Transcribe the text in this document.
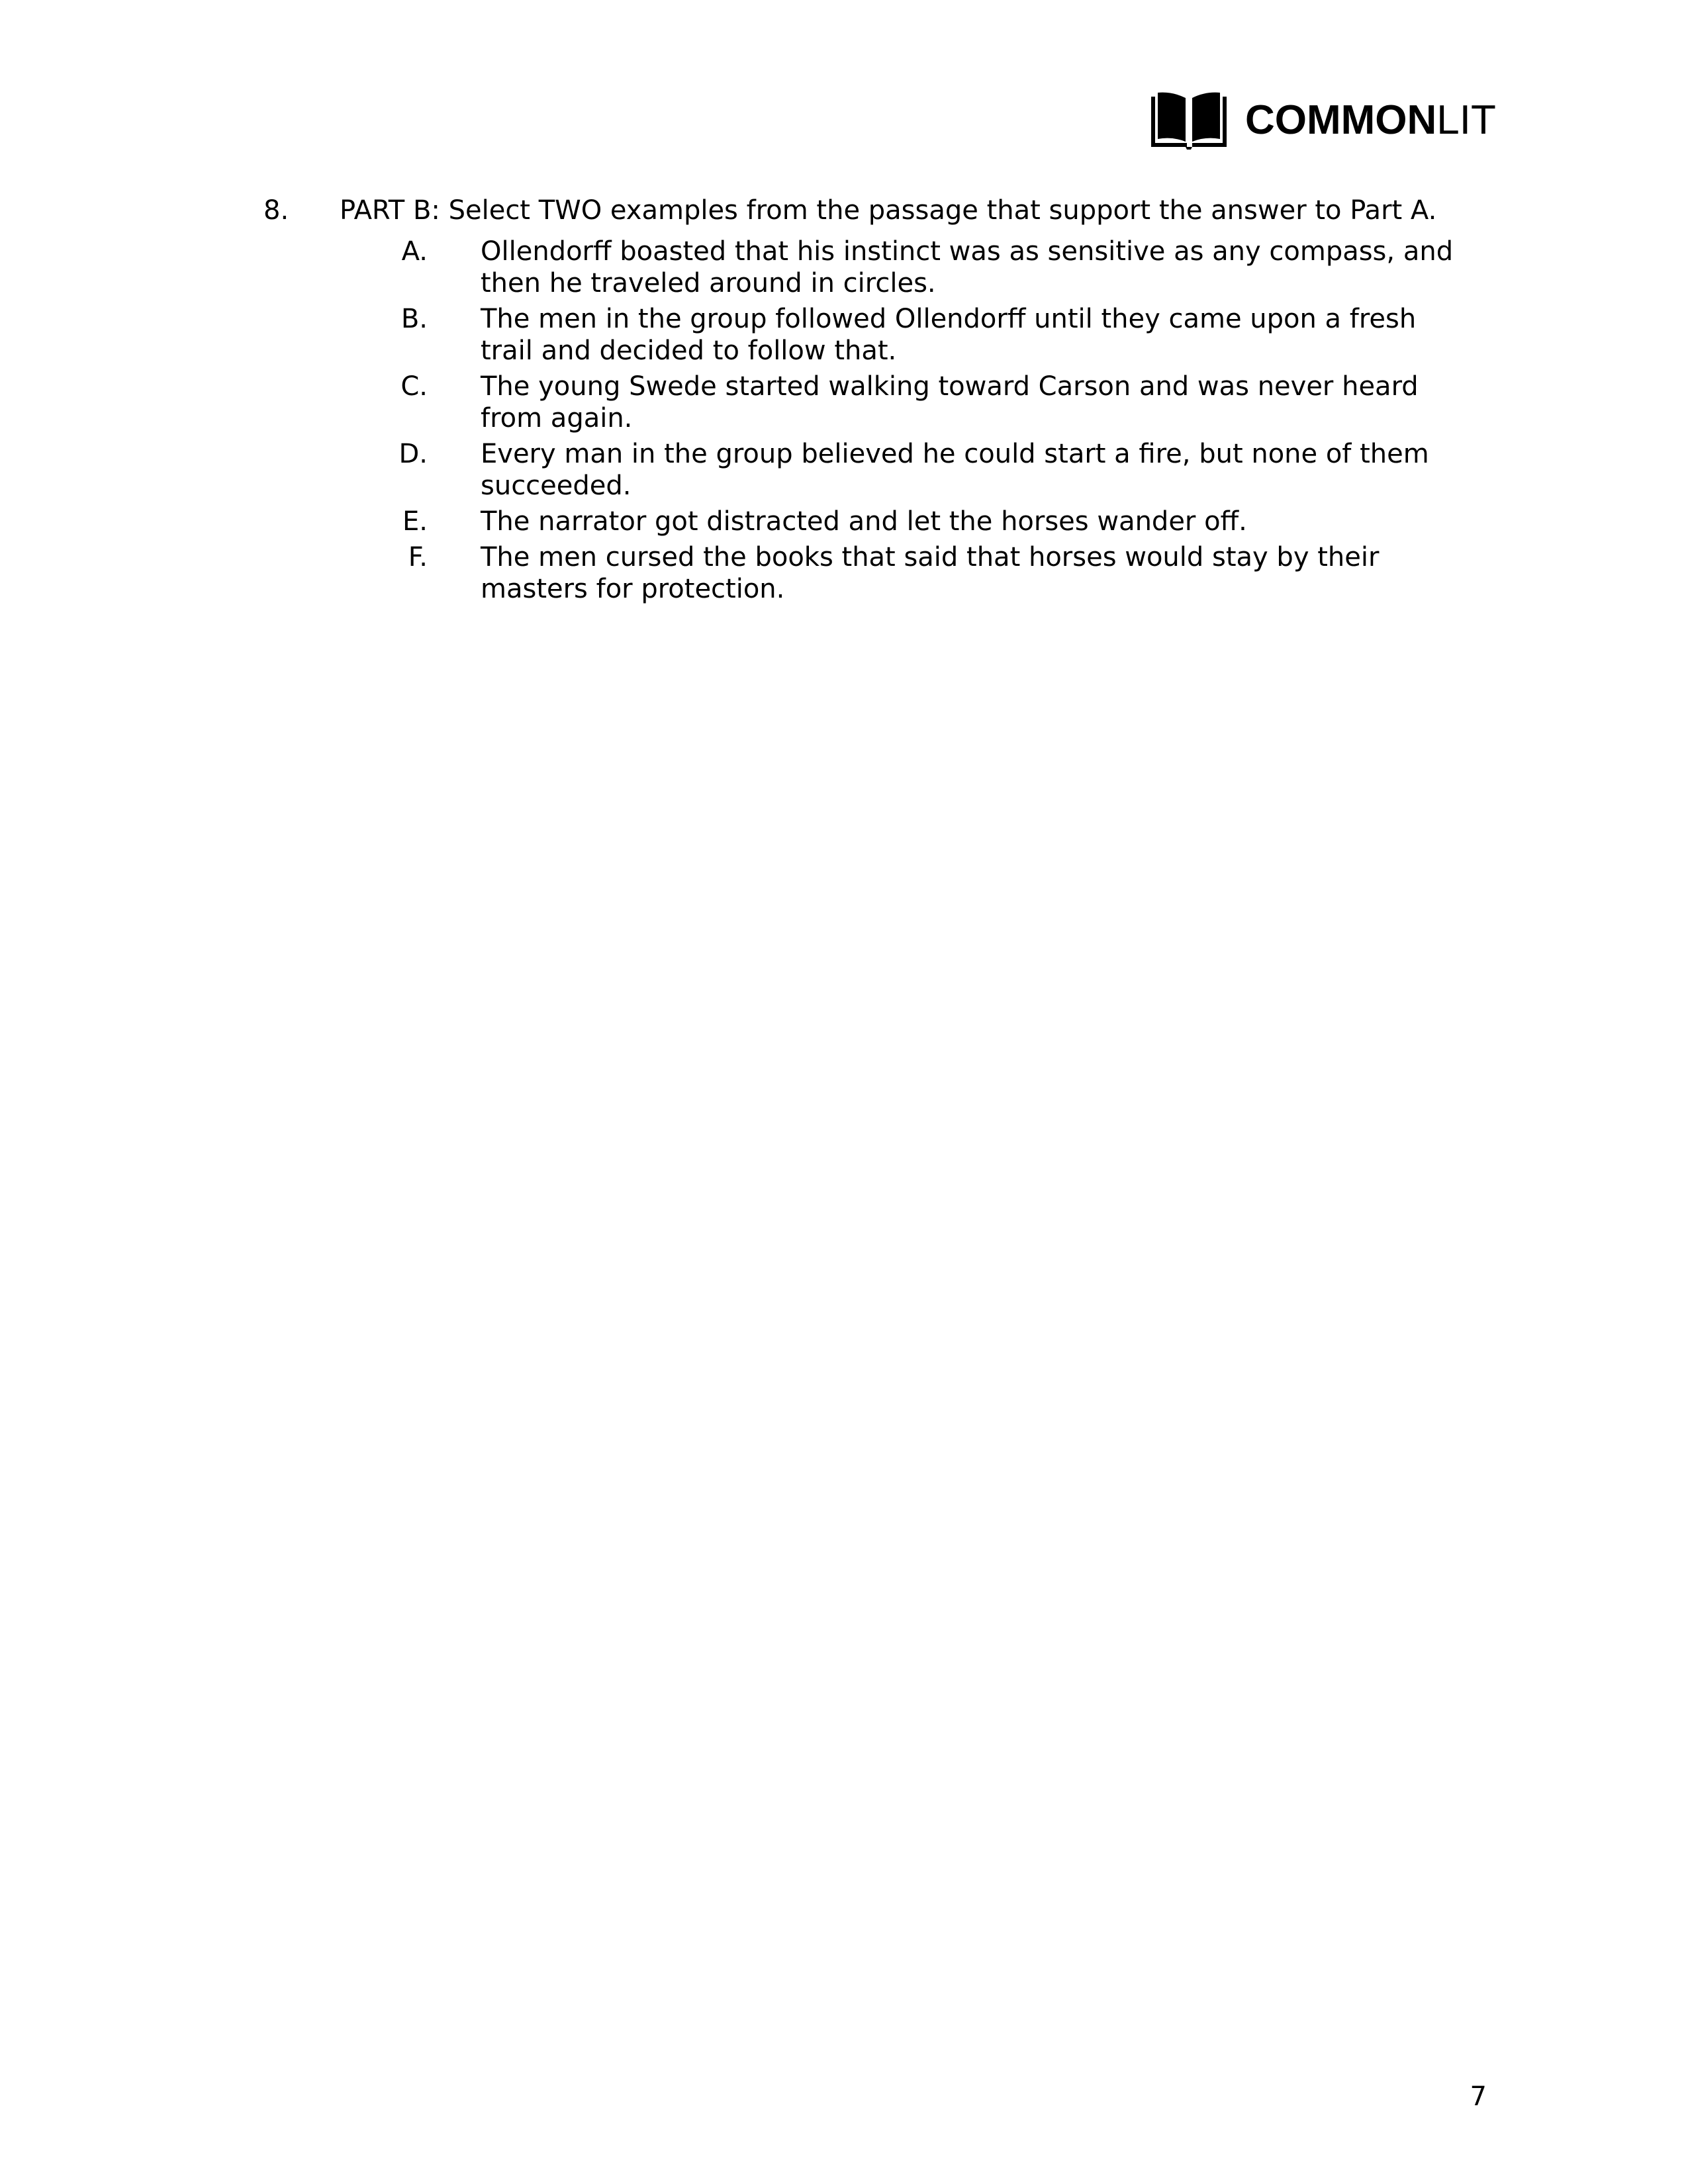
COMMONLIT
8. PART B: Select TWO examples from the passage that support the answer to Part A.
A. Ollendorff boasted that his instinct was as sensitive as any compass, and then he traveled around in circles.
B. The men in the group followed Ollendorff until they came upon a fresh trail and decided to follow that.
C. The young Swede started walking toward Carson and was never heard from again.
D. Every man in the group believed he could start a fire, but none of them succeeded.
E. The narrator got distracted and let the horses wander off.
F. The men cursed the books that said that horses would stay by their masters for protection.
7
